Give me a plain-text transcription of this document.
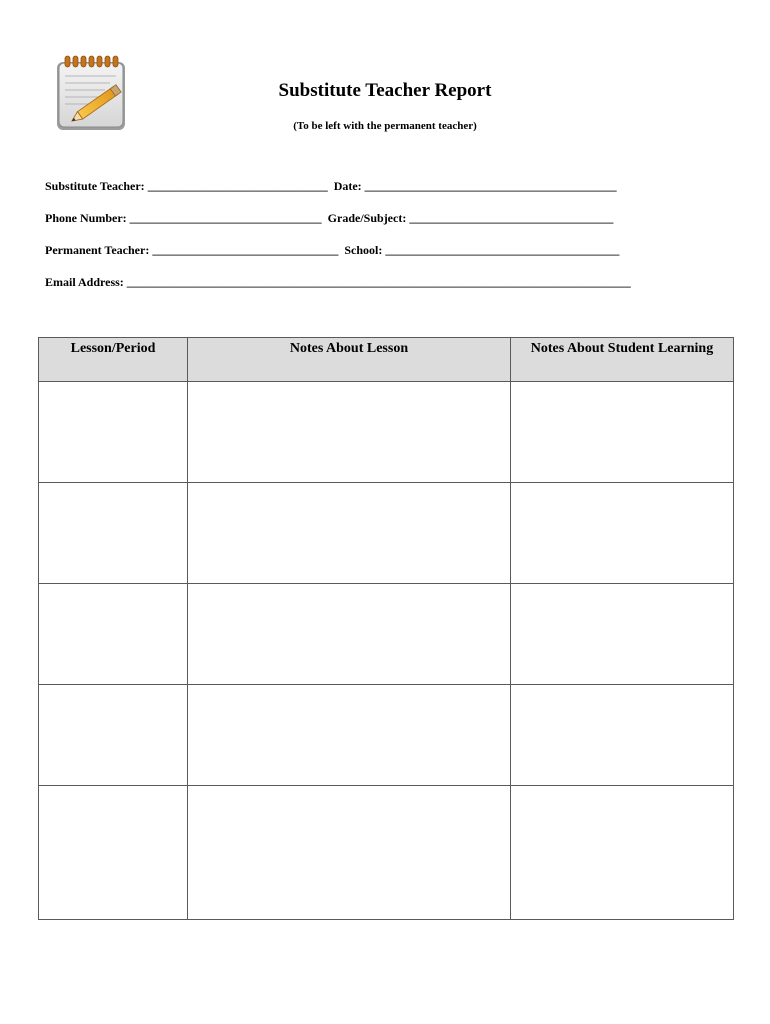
Substitute Teacher Report
(To be left with the permanent teacher)
Substitute Teacher: ______________________________ Date: __________________________________________
Phone Number: ________________________________ Grade/Subject: __________________________________
Permanent Teacher: _______________________________ School: _______________________________________
Email Address: ____________________________________________________________________________________
Lesson/Period	Notes About Lesson	Notes About Student Learning
